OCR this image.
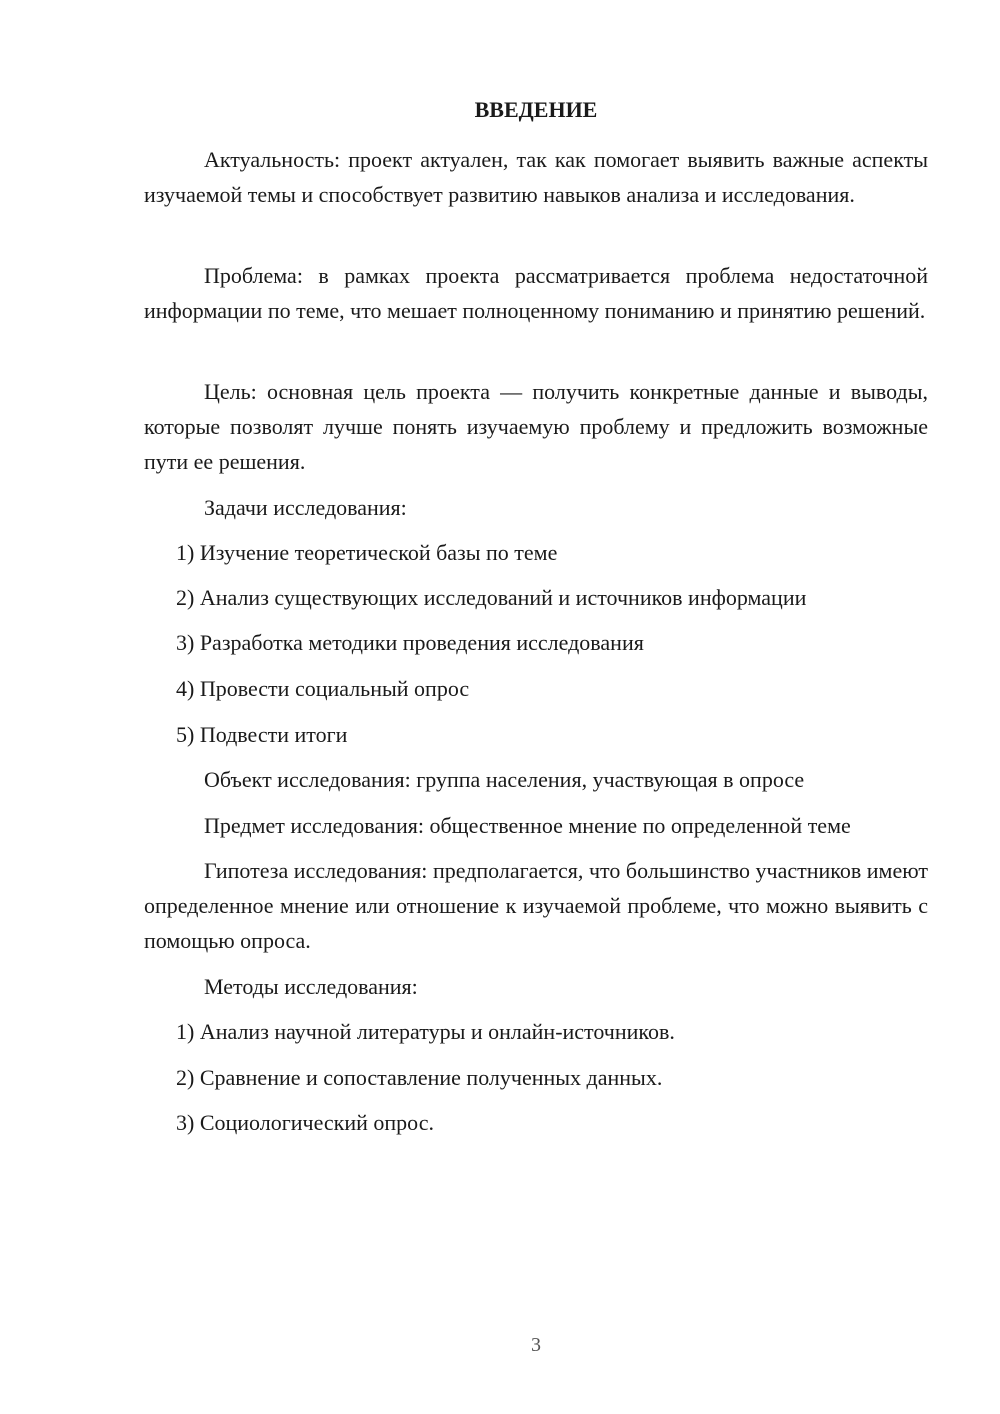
ВВЕДЕНИЕ

Актуальность: проект актуален, так как помогает выявить важные аспекты изучаемой темы и способствует развитию навыков анализа и исследования.

Проблема: в рамках проекта рассматривается проблема недостаточной информации по теме, что мешает полноценному пониманию и принятию решений.

Цель: основная цель проекта — получить конкретные данные и выводы, которые позволят лучше понять изучаемую проблему и предложить возможные пути ее решения.

Задачи исследования:

1) Изучение теоретической базы по теме

2) Анализ существующих исследований и источников информации

3) Разработка методики проведения исследования

4) Провести социальный опрос

5) Подвести итоги

Объект исследования: группа населения, участвующая в опросе

Предмет исследования: общественное мнение по определенной теме

Гипотеза исследования: предполагается, что большинство участников имеют определенное мнение или отношение к изучаемой проблеме, что можно выявить с помощью опроса.

Методы исследования:

1) Анализ научной литературы и онлайн-источников.

2) Сравнение и сопоставление полученных данных.

3) Социологический опрос.

3
